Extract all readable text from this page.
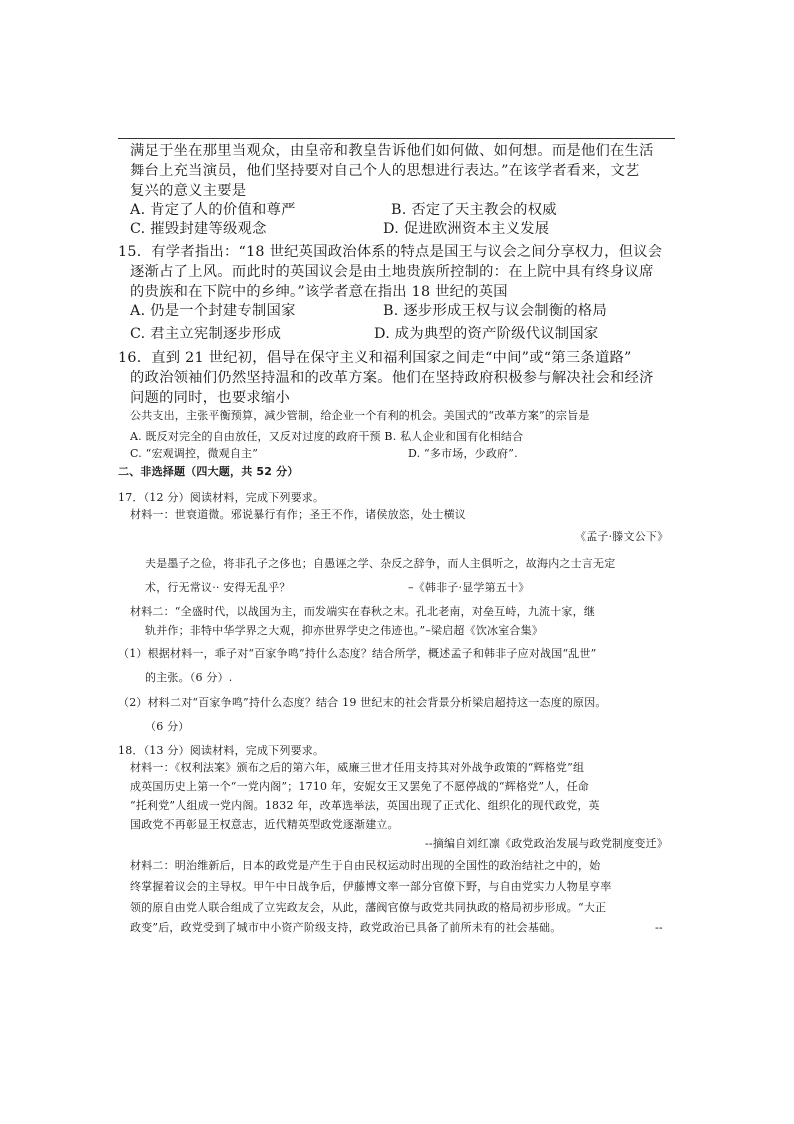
满足于坐在那里当观众，由皇帝和教皇告诉他们如何做、如何想。而是他们在生活
舞台上充当演员，他们坚持要对自己个人的思想进行表达。”在该学者看来，文艺
复兴的意义主要是
A. 肯定了人的价值和尊严	B. 否定了天主教会的权威
C. 摧毁封建等级观念	D. 促进欧洲资本主义发展
15．有学者指出：“18 世纪英国政治体系的特点是国王与议会之间分享权力，但议会
逐渐占了上风。而此时的英国议会是由土地贵族所控制的：在上院中具有终身议席
的贵族和在下院中的乡绅。”该学者意在指出 18 世纪的英国
A. 仍是一个封建专制国家	B. 逐步形成王权与议会制衡的格局
C. 君主立宪制逐步形成	D. 成为典型的资产阶级代议制国家
16．直到 21 世纪初，倡导在保守主义和福利国家之间走“中间”或“第三条道路”
的政治领袖们仍然坚持温和的改革方案。他们在坚持政府积极参与解决社会和经济
问题的同时，也要求缩小
公共支出，主张平衡预算，减少管制，给企业一个有利的机会。美国式的“改革方案”的宗旨是
A. 既反对完全的自由放任，又反对过度的政府干预 B. 私人企业和国有化相结合
C. “宏观调控，微观自主”	D. “多市场，少政府”.
二、非选择题（四大题，共 52 分）
17．（12 分）阅读材料，完成下列要求。
材料一：世衰道微。邪说暴行有作；圣王不作，诸侯放恣，处士横议
《孟子·滕文公下》
夫是墨子之俭，将非孔子之侈也；自愚诬之学、杂反之辞争，而人主俱听之，故海内之士言无定
术，行无常议·· 安得无乱乎？	–《韩非子·显学第五十》
材料二：“全盛时代，以战国为主，而发端实在春秋之末。孔北老南，对垒互峙，九流十家，继
轨并作；非特中华学界之大观，抑亦世界学史之伟迹也。”–梁启超《饮冰室合集》
（1）根据材料一，乖子对“百家争鸣”持什么态度？结合所学，概述孟子和韩非子应对战国“乱世”
的主张。（6 分）.
（2）材料二对“百家争鸣”持什么态度？结合 19 世纪末的社会背景分析梁启超持这一态度的原因。
（6 分）
18．（13 分）阅读材料，完成下列要求。
材料一：《权利法案》颁布之后的第六年，威廉三世才任用支持其对外战争政策的“辉格党”组
成英国历史上第一个“一党内阁”；1710 年，安妮女王又罢免了不愿停战的“辉格党”人，任命
“托利党”人组成一党内阁。1832 年，改革选举法，英国出现了正式化、组织化的现代政党，英
国政党不再彰显王权意志，近代精英型政党逐渐建立。
--摘编自刘红凛《政党政治发展与政党制度变迁》
材料二：明治维新后，日本的政党是产生于自由民权运动时出现的全国性的政治结社之中的，始
终掌握着议会的主导权。甲午中日战争后，伊藤博文率一部分官僚下野，与自由党实力人物星亨率
领的原自由党人联合组成了立宪政友会，从此，藩阀官僚与政党共同执政的格局初步形成。“大正
政变”后，政党受到了城市中小资产阶级支持，政党政治已具备了前所未有的社会基础。	--
